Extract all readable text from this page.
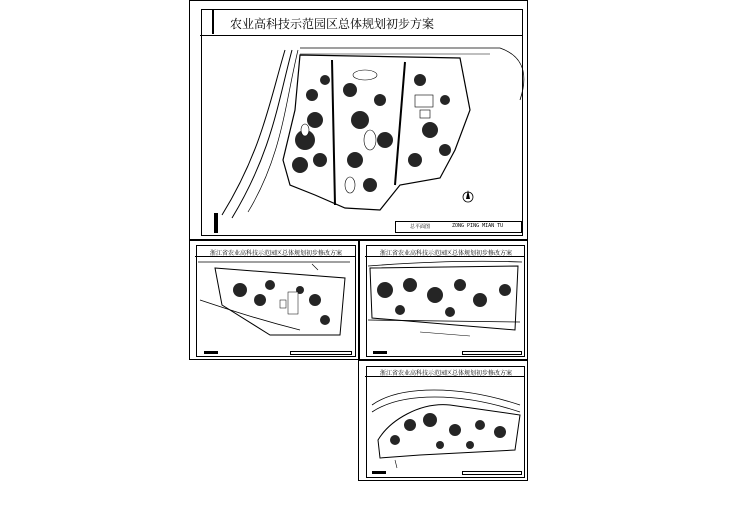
农业高科技示范园区总体规划初步方案
总平面图	ZONG PING MIAN TU
浙江省农业高科技示范园区总体规划初步修改方案	浙江省农业高科技示范园区总体规划初步修改方案
浙江省农业高科技示范园区总体规划初步修改方案
